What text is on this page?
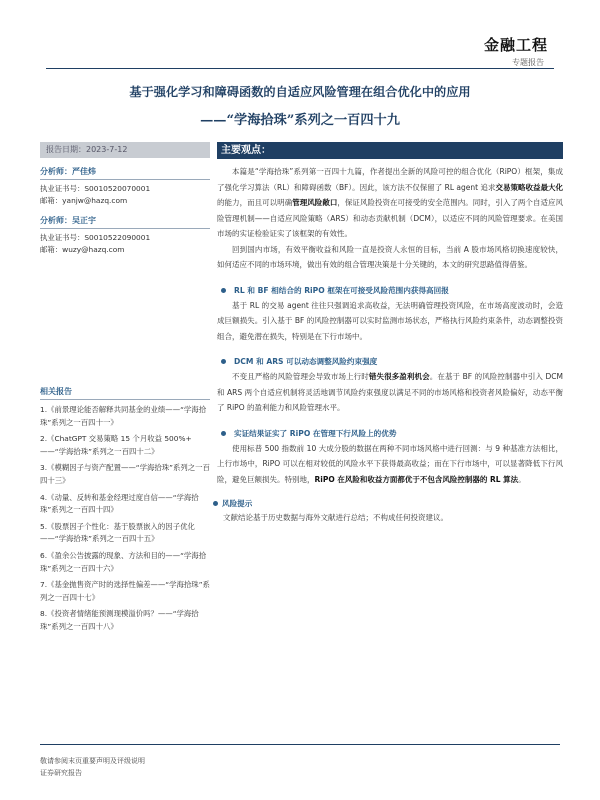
金融工程
专题报告
基于强化学习和障碍函数的自适应风险管理在组合优化中的应用
——“学海拾珠”系列之一百四十九
报告日期：2023-7-12
分析师：严佳炜
执业证书号：S0010520070001
邮箱：yanjw@hazq.com
分析师：吴正宇
执业证书号：S0010522090001
邮箱：wuzy@hazq.com
相关报告
1.《前景理论能否解释共同基金的业绩——“学海拾珠”系列之一百四十一》
2.《ChatGPT 交易策略 15 个月收益 500%+——“学海拾珠”系列之一百四十二》
3.《模糊因子与资产配置——“学海拾珠”系列之一百四十三》
4.《动量、反转和基金经理过度自信——“学海拾珠”系列之一百四十四》
5.《股票因子个性化：基于股票嵌入的因子优化——“学海拾珠”系列之一百四十五》
6.《盈余公告披露的现象、方法和目的——“学海拾珠”系列之一百四十六》
7.《基金抛售资产时的选择性偏差——“学海拾珠”系列之一百四十七》
8.《投资者情绪能预测现模溢价吗？——“学海拾珠”系列之一百四十八》
主要观点：
本篇是“学海拾珠”系列第一百四十九篇，作者提出全新的风险可控的组合优化（RiPO）框架，集成了强化学习算法（RL）和障碍函数（BF）。因此，该方法不仅保留了 RL agent 追求交易策略收益最大化的能力，而且可以明确管理风险敞口，保证风险投资在可接受的安全范围内。同时，引入了两个自适应风险管理机制——自适应风险策略（ARS）和动态贡献机制（DCM），以适应不同的风险管理要求。在美国市场的实证检验证实了该框架的有效性。
回到国内市场，有效平衡收益和风险一直是投资人永恒的目标，当前 A 股市场风格切换速度较快，如何适应不同的市场环境，做出有效的组合管理决策是十分关键的，本文的研究思路值得借鉴。
RL 和 BF 相结合的 RiPO 框架在可接受风险范围内获得高回报
基于 RL 的交易 agent 往往只强调追求高收益，无法明确管理投资风险，在市场高度波动时，会造成巨额损失。引入基于 BF 的风险控制器可以实时监测市场状态，严格执行风险约束条件，动态调整投资组合，避免潜在损失，特别是在下行市场中。
DCM 和 ARS 可以动态调整风险约束强度
不变且严格的风险管理会导致市场上行时错失很多盈利机会。在基于 BF 的风险控制器中引入 DCM 和 ARS 两个自适应机制将灵活地调节风险约束强度以满足不同的市场风格和投资者风险偏好，动态平衡了 RiPO 的盈利能力和风险管理水平。
实证结果证实了 RiPO 在管理下行风险上的优势
使用标普 500 指数前 10 大成分股的数据在两种不同市场风格中进行回测：与 9 种基准方法相比，上行市场中，RiPO 可以在相对较低的风险水平下获得最高收益；而在下行市场中，可以显著降低下行风险，避免巨额损失。特别地，RiPO 在风险和收益方面都优于不包含风险控制器的 RL 算法。
风险提示
文献结论基于历史数据与海外文献进行总结；不构成任何投资建议。
敬请参阅末页重要声明及评级说明
证券研究报告
